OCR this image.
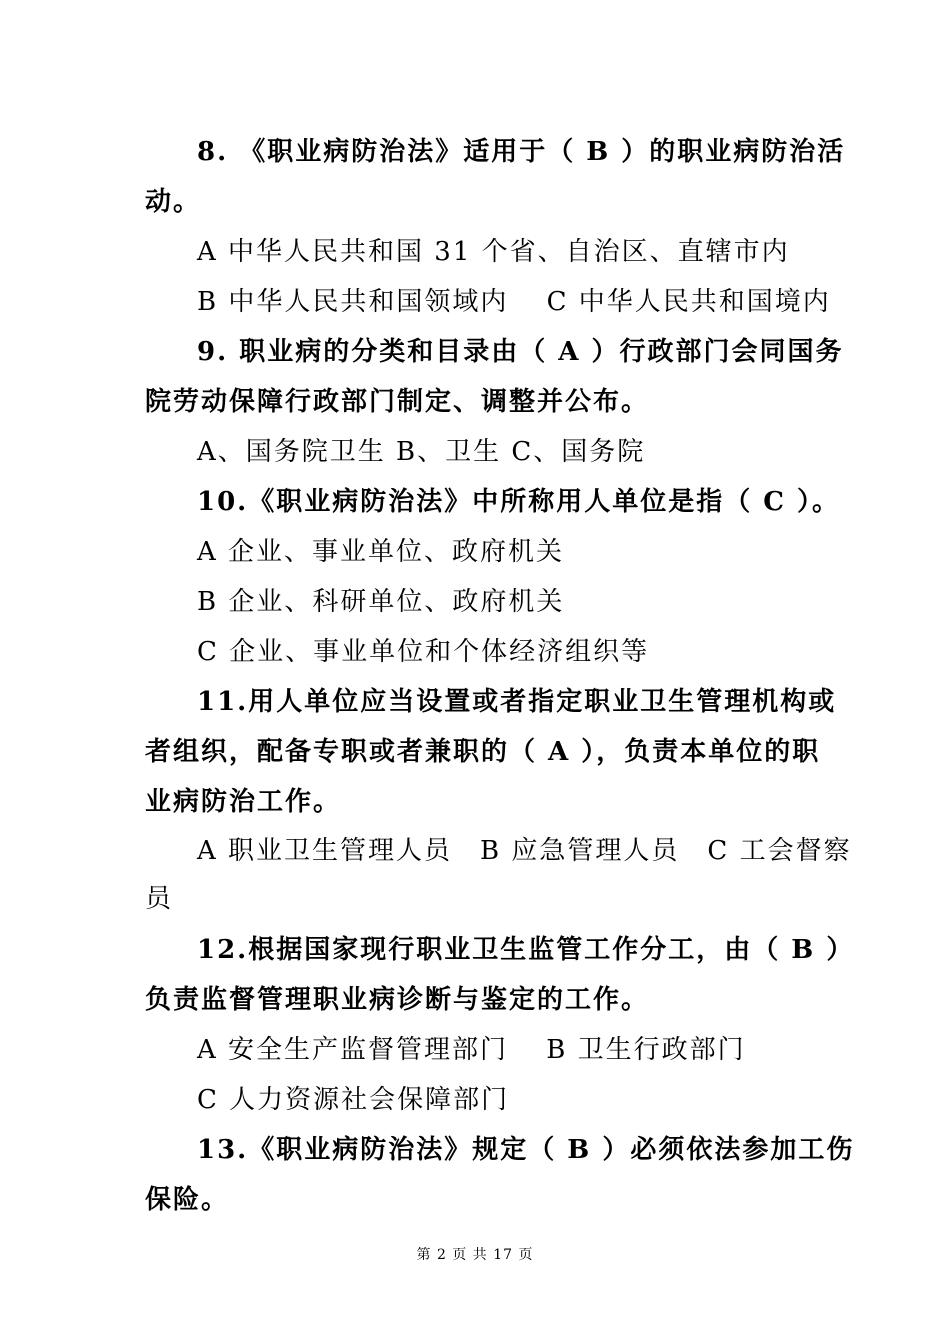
8. 《职业病防治法》适用于（ B ）的职业病防治活
动。
A 中华人民共和国 31 个省、自治区、直辖市内
B 中华人民共和国领域内　 C 中华人民共和国境内
9. 职业病的分类和目录由（ A ）行政部门会同国务
院劳动保障行政部门制定、调整并公布。
A、国务院卫生 B、卫生 C、国务院
10.《职业病防治法》中所称用人单位是指（ C ）。
A 企业、事业单位、政府机关
B 企业、科研单位、政府机关
C 企业、事业单位和个体经济组织等
11.用人单位应当设置或者指定职业卫生管理机构或
者组织，配备专职或者兼职的（ A ），负责本单位的职
业病防治工作。
A 职业卫生管理人员　B 应急管理人员　C 工会督察
员
12.根据国家现行职业卫生监管工作分工，由（ B ）
负责监督管理职业病诊断与鉴定的工作。
A 安全生产监督管理部门　 B 卫生行政部门
C 人力资源社会保障部门
13.《职业病防治法》规定（ B ）必须依法参加工伤
保险。
第 2 页 共 17 页
